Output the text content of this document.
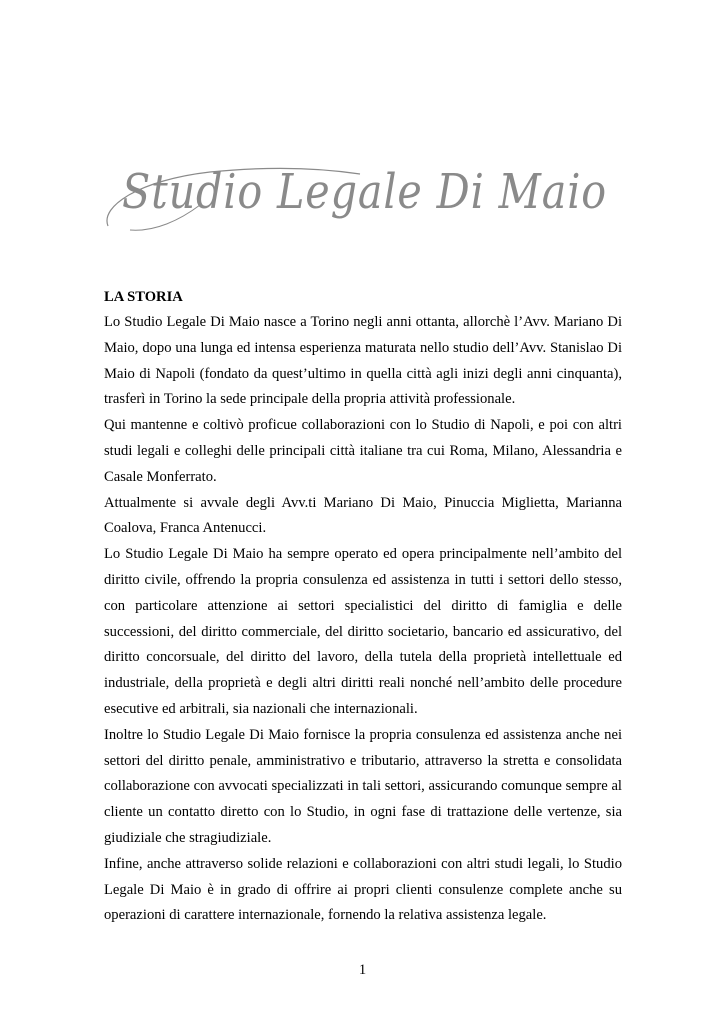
Studio Legale Di Maio

LA STORIA

Lo Studio Legale Di Maio nasce a Torino negli anni ottanta, allorchè l’Avv. Mariano Di Maio, dopo una lunga ed intensa esperienza maturata nello studio dell’Avv. Stanislao Di Maio di Napoli (fondato da quest’ultimo in quella città agli inizi degli anni cinquanta), trasferì in Torino la sede principale della propria attività professionale.

Qui mantenne e coltivò proficue collaborazioni con lo Studio di Napoli, e poi con altri studi legali e colleghi delle principali città italiane tra cui Roma, Milano, Alessandria e Casale Monferrato.

Attualmente si avvale degli Avv.ti Mariano Di Maio, Pinuccia Miglietta, Marianna Coalova, Franca Antenucci.

Lo Studio Legale Di Maio ha sempre operato ed opera principalmente nell’ambito del diritto civile, offrendo la propria consulenza ed assistenza in tutti i settori dello stesso, con particolare attenzione ai settori specialistici del diritto di famiglia e delle successioni, del diritto commerciale, del diritto societario, bancario ed assicurativo, del diritto concorsuale, del diritto del lavoro, della tutela della proprietà intellettuale ed industriale, della proprietà e degli altri diritti reali nonché nell’ambito delle procedure esecutive ed arbitrali, sia nazionali che internazionali.

Inoltre lo Studio Legale Di Maio fornisce la propria consulenza ed assistenza anche nei settori del diritto penale, amministrativo e tributario, attraverso la stretta e consolidata collaborazione con avvocati specializzati in tali settori, assicurando comunque sempre al cliente un contatto diretto con lo Studio, in ogni fase di trattazione delle vertenze, sia giudiziale che stragiudiziale.

Infine, anche attraverso solide relazioni e collaborazioni con altri studi legali, lo Studio Legale Di Maio è in grado di offrire ai propri clienti consulenze complete anche su operazioni di carattere internazionale, fornendo la relativa assistenza legale.

1
